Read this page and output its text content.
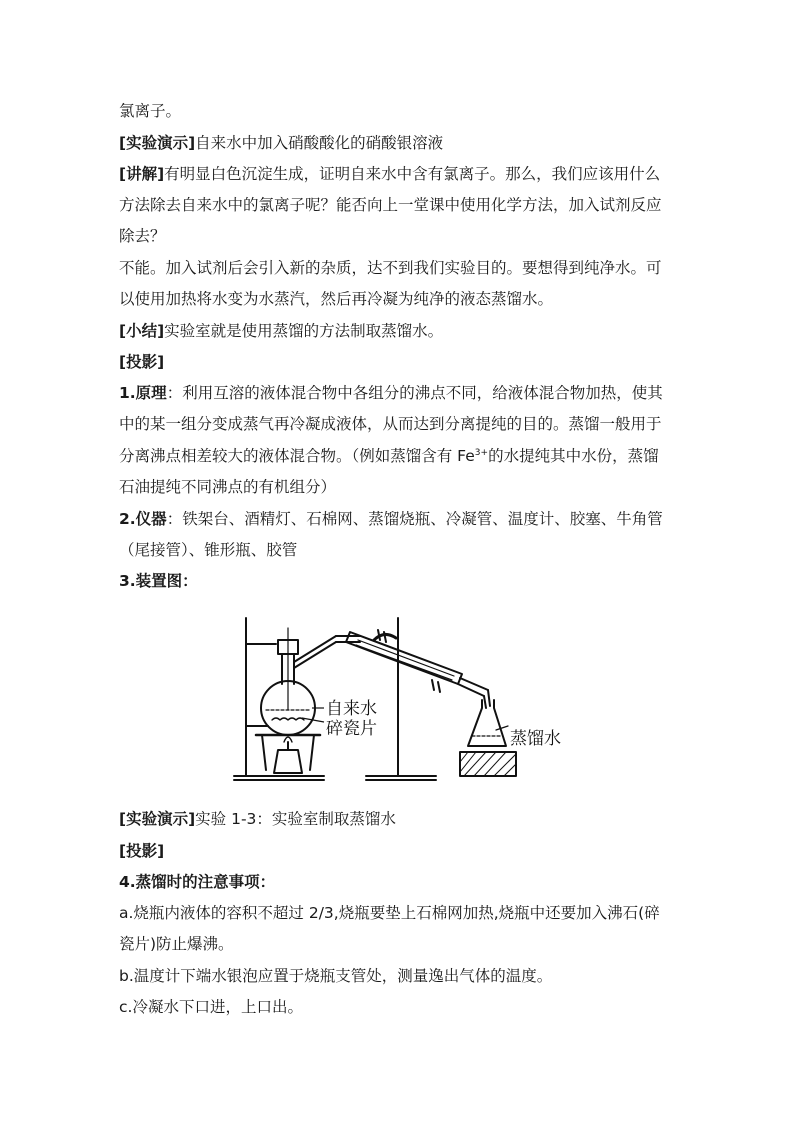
氯离子。
[实验演示]自来水中加入硝酸酸化的硝酸银溶液
[讲解]有明显白色沉淀生成，证明自来水中含有氯离子。那么，我们应该用什么
方法除去自来水中的氯离子呢？能否向上一堂课中使用化学方法，加入试剂反应
除去？
不能。加入试剂后会引入新的杂质，达不到我们实验目的。要想得到纯净水。可
以使用加热将水变为水蒸汽，然后再冷凝为纯净的液态蒸馏水。
[小结]实验室就是使用蒸馏的方法制取蒸馏水。
[投影]
1.原理：利用互溶的液体混合物中各组分的沸点不同，给液体混合物加热，使其
中的某一组分变成蒸气再冷凝成液体，从而达到分离提纯的目的。蒸馏一般用于
分离沸点相差较大的液体混合物。（例如蒸馏含有 $Fe^{3+}$的水提纯其中水份，蒸馏
石油提纯不同沸点的有机组分）
2.仪器：铁架台、酒精灯、石棉网、蒸馏烧瓶、冷凝管、温度计、胶塞、牛角管
（尾接管）、锥形瓶、胶管
3.装置图：
自来水
碎瓷片	蒸馏水
[实验演示]实验 1-3：实验室制取蒸馏水
[投影]
4.蒸馏时的注意事项：
a.烧瓶内液体的容积不超过 2/3,烧瓶要垫上石棉网加热,烧瓶中还要加入沸石(碎
瓷片)防止爆沸。
b.温度计下端水银泡应置于烧瓶支管处，测量逸出气体的温度。
c.冷凝水下口进，上口出。
